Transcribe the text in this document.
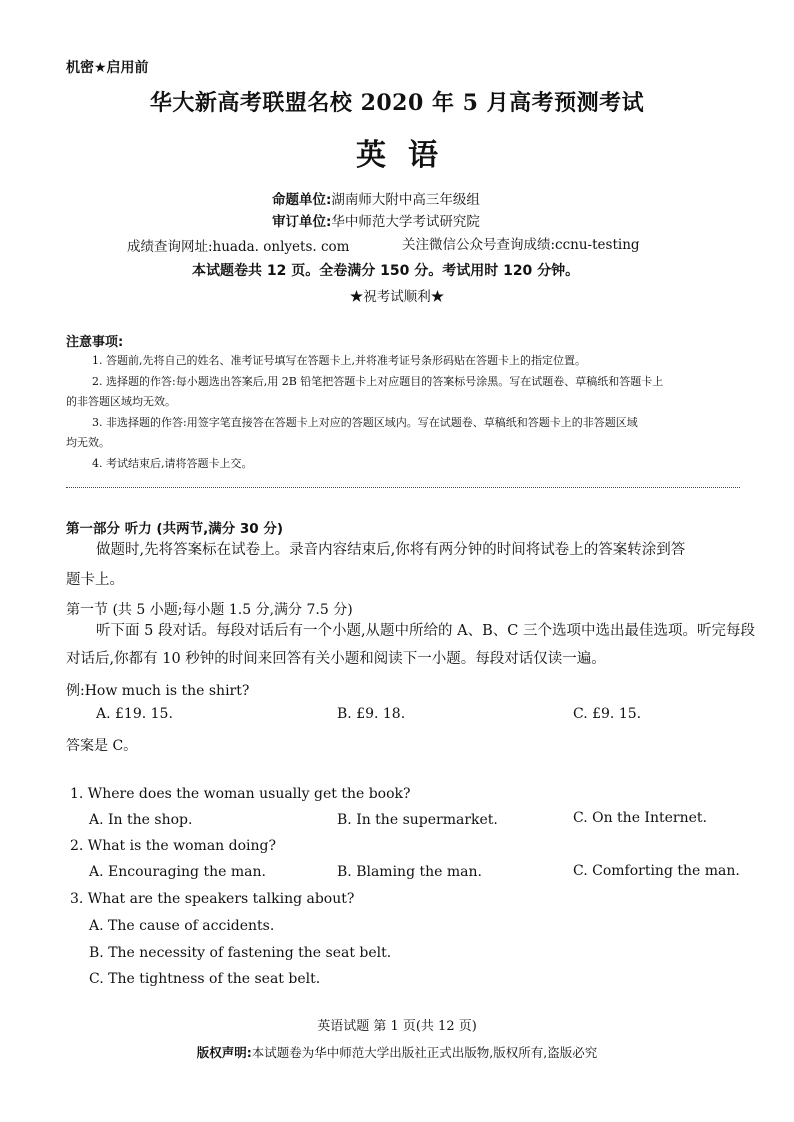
机密★启用前
华大新高考联盟名校 2020 年 5 月高考预测考试
英语
命题单位:湖南师大附中高三年级组
审订单位:华中师范大学考试研究院
成绩查询网址:huada. onlyets. com	关注微信公众号查询成绩:ccnu-testing
本试题卷共 12 页。全卷满分 150 分。考试用时 120 分钟。
★祝考试顺利★
注意事项:
1. 答题前,先将自己的姓名、准考证号填写在答题卡上,并将准考证号条形码贴在答题卡上的指定位置。
2. 选择题的作答:每小题选出答案后,用 2B 铅笔把答题卡上对应题目的答案标号涂黑。写在试题卷、草稿纸和答题卡上
的非答题区域均无效。
3. 非选择题的作答:用签字笔直接答在答题卡上对应的答题区域内。写在试题卷、草稿纸和答题卡上的非答题区域
均无效。
4. 考试结束后,请将答题卡上交。
第一部分 听力 (共两节,满分 30 分)
做题时,先将答案标在试卷上。录音内容结束后,你将有两分钟的时间将试卷上的答案转涂到答
题卡上。
第一节 (共 5 小题;每小题 1.5 分,满分 7.5 分)
听下面 5 段对话。每段对话后有一个小题,从题中所给的 A、B、C 三个选项中选出最佳选项。听完每段
对话后,你都有 10 秒钟的时间来回答有关小题和阅读下一小题。每段对话仅读一遍。
例:How much is the shirt?
A. £19. 15.	B. £9. 18.	C. £9. 15.
答案是 C。
1. Where does the woman usually get the book?
A. In the shop.	B. In the supermarket.	C. On the Internet.
2. What is the woman doing?
A. Encouraging the man.	B. Blaming the man.	C. Comforting the man.
3. What are the speakers talking about?
A. The cause of accidents.
B. The necessity of fastening the seat belt.
C. The tightness of the seat belt.
英语试题 第 1 页(共 12 页)
版权声明:本试题卷为华中师范大学出版社正式出版物,版权所有,盗版必究
